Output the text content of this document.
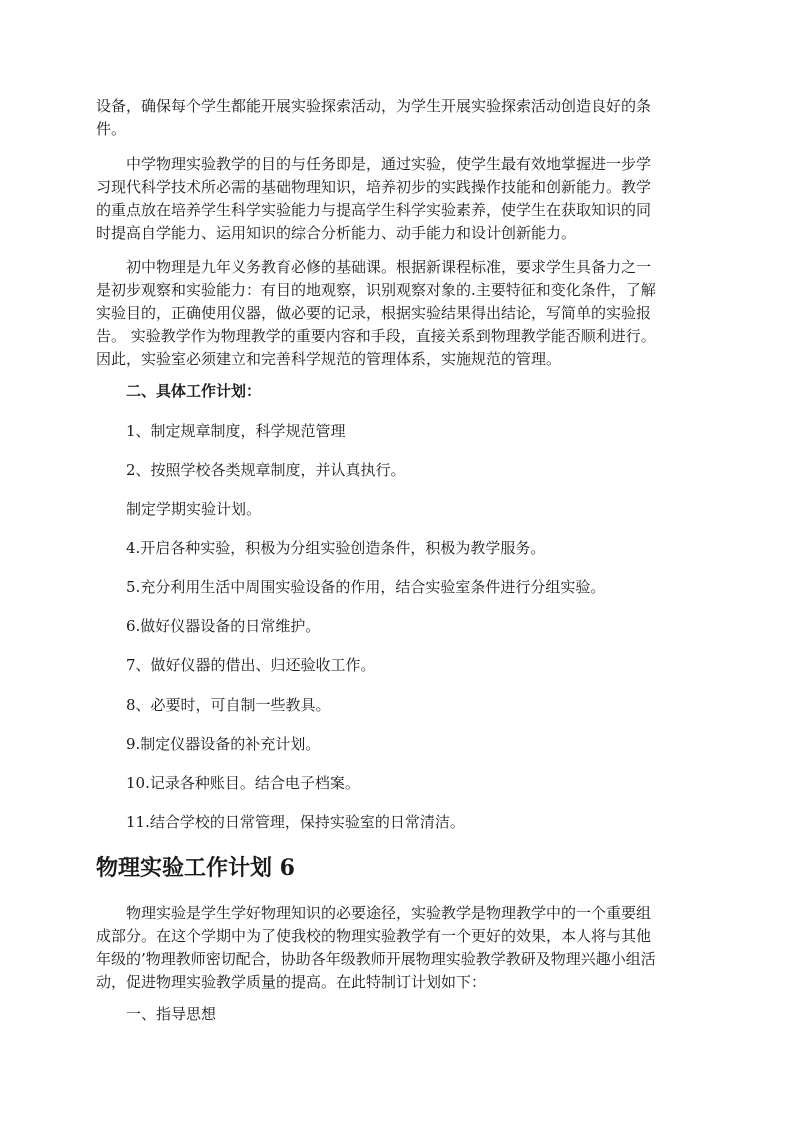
设备，确保每个学生都能开展实验探索活动，为学生开展实验探索活动创造良好的条
件。

　　中学物理实验教学的目的与任务即是，通过实验，使学生最有效地掌握进一步学
习现代科学技术所必需的基础物理知识，培养初步的实践操作技能和创新能力。教学
的重点放在培养学生科学实验能力与提高学生科学实验素养，使学生在获取知识的同
时提高自学能力、运用知识的综合分析能力、动手能力和设计创新能力。

　　初中物理是九年义务教育必修的基础课。根据新课程标准，要求学生具备力之一
是初步观察和实验能力：有目的地观察，识别观察对象的.主要特征和变化条件，了解
实验目的，正确使用仪器，做必要的记录，根据实验结果得出结论，写简单的实验报
告。 实验教学作为物理教学的重要内容和手段，直接关系到物理教学能否顺利进行。
因此，实验室必须建立和完善科学规范的管理体系，实施规范的管理。

　　二、具体工作计划：

　　1、制定规章制度，科学规范管理

　　2、按照学校各类规章制度，并认真执行。

　　制定学期实验计划。

　　4.开启各种实验，积极为分组实验创造条件，积极为教学服务。

　　5.充分利用生活中周围实验设备的作用，结合实验室条件进行分组实验。

　　6.做好仪器设备的日常维护。

　　7、做好仪器的借出、归还验收工作。

　　8、必要时，可自制一些教具。

　　9.制定仪器设备的补充计划。

　　10.记录各种账目。结合电子档案。

　　11.结合学校的日常管理，保持实验室的日常清洁。

物理实验工作计划 6

　　物理实验是学生学好物理知识的必要途径，实验教学是物理教学中的一个重要组
成部分。在这个学期中为了使我校的物理实验教学有一个更好的效果，本人将与其他
年级的’物理教师密切配合，协助各年级教师开展物理实验教学教研及物理兴趣小组活
动，促进物理实验教学质量的提高。在此特制订计划如下：

　　一、指导思想
